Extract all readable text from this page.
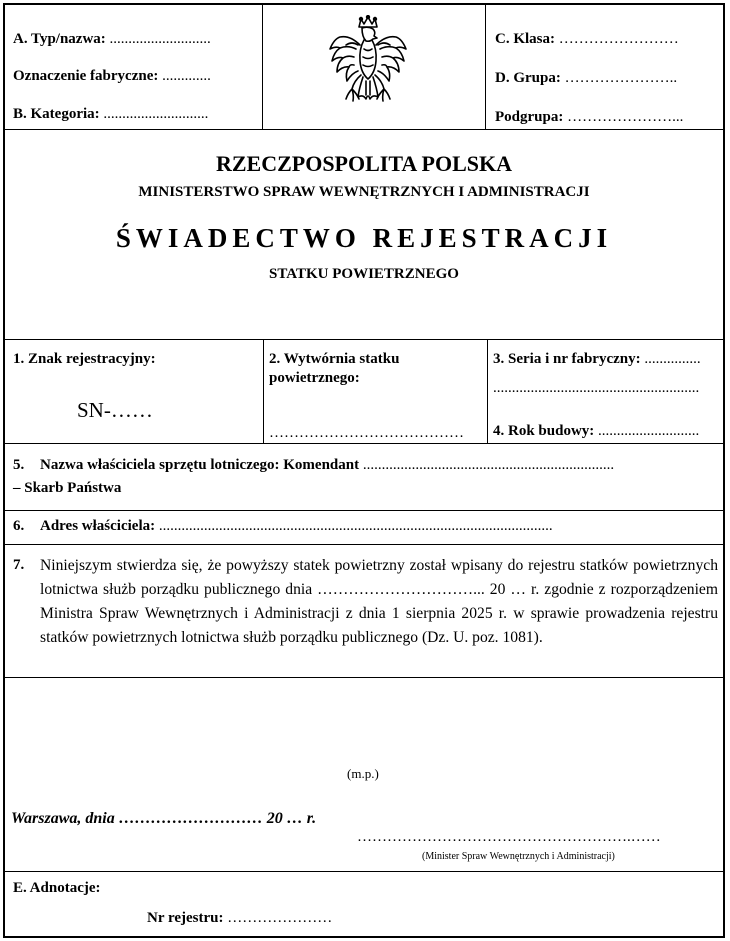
A. Typ/nazwa: ...........................
Oznaczenie fabryczne: .............
B. Kategoria: ............................
C. Klasa: ……………………
D. Grupa: …………………..
Podgrupa: …………………...
RZECZPOSPOLITA POLSKA
MINISTERSTWO SPRAW WEWNĘTRZNYCH I ADMINISTRACJI
ŚWIADECTWO REJESTRACJI
STATKU POWIETRZNEGO
1. Znak rejestracyjny:
SN-……
2. Wytwórnia statku
powietrznego:
…………………………………
3. Seria i nr fabryczny: ...............
.......................................................
4. Rok budowy: ...........................
5. Nazwa właściciela sprzętu lotniczego: Komendant ...................................................................
– Skarb Państwa
6. Adres właściciela: .........................................................................................................
7. Niniejszym stwierdza się, że powyższy statek powietrzny został wpisany do rejestru statków powietrznych lotnictwa służb porządku publicznego dnia …………………………... 20 … r. zgodnie z rozporządzeniem Ministra Spraw Wewnętrznych i Administracji z dnia 1 sierpnia 2025 r. w sprawie prowadzenia rejestru statków powietrznych lotnictwa służb porządku publicznego (Dz. U. poz. 1081).
(m.p.)
Warszawa, dnia ……………………… 20 … r.
……………………………………………….……
(Minister Spraw Wewnętrznych i Administracji)
E. Adnotacje:
Nr rejestru: …………………
